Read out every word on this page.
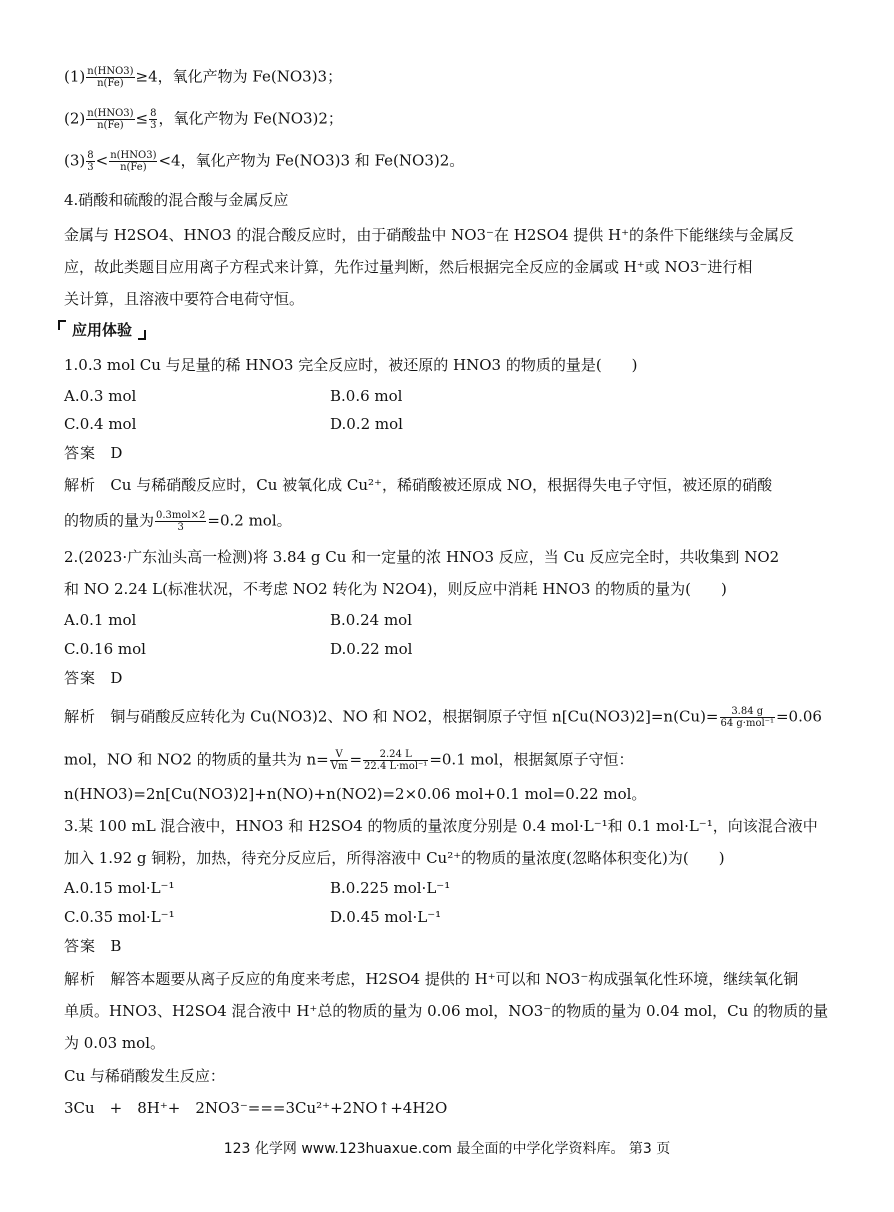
$(1) \frac{\text{n(HNO3)}}{n(Fe)} \ge 4$，氧化产物为 Fe(NO3)3；
$(2) \frac{\text{n(HNO3)}}{n(Fe)} \le \frac{8}{3}$ ，氧化产物为 Fe(NO3)2；
$(3) \frac{8}{3} < \frac{\text{n(HNO3)}}{n(Fe)} <4$，氧化产物为 Fe(NO3)3 和 Fe(NO3)2。
4.硝酸和硫酸的混合酸与金属反应
金属与 H2SO4、HNO3 的混合酸反应时，由于硝酸盐中 NO3⁻在 H2SO4 提供 H⁺的条件下能继续与金属反
应，故此类题目应用离子方程式来计算，先作过量判断，然后根据完全反应的金属或 H⁺或 NO3⁻进行相
关计算，且溶液中要符合电荷守恒。
应用体验
1.0.3 mol Cu 与足量的稀 HNO3 完全反应时，被还原的 HNO3 的物质的量是(　　)
A.0.3 mol	B.0.6 mol
C.0.4 mol	D.0.2 mol
答案 D
解析 Cu 与稀硝酸反应时，Cu 被氧化成 Cu²⁺，稀硝酸被还原成 NO，根据得失电子守恒，被还原的硝酸
的物质的量为 $\frac{\text{0.3mol×2}}{3} =0.2$ mol。
2.(2023·广东汕头高一检测)将 3.84 g Cu 和一定量的浓 HNO3 反应，当 Cu 反应完全时，共收集到 NO2
和 NO 2.24 L(标准状况，不考虑 NO2 转化为 N2O4)，则反应中消耗 HNO3 的物质的量为(　　)
A.0.1 mol	B.0.24 mol
C.0.16 mol	D.0.22 mol
答案 D
解析 铜与硝酸反应转化为 Cu(NO3)2、NO 和 NO2，根据铜原子守恒 $n[Cu(NO3)2]=n(Cu)= \frac{3.84 g}{\text{64 g·mol⁻¹}} =0.06$
mol，NO 和 NO2 的物质的量共为 $n= \frac{V}{Vm} = \frac{2.24 L}{\text{22.4 L·mol⁻¹}} =0.1$ mol，根据氮原子守恒：
n(HNO3)=2n[Cu(NO3)2]+n(NO)+n(NO2)=2×0.06 mol+0.1 mol=0.22 mol。
3.某 100 mL 混合液中，HNO3 和 H2SO4 的物质的量浓度分别是 0.4 mol·L⁻¹和 0.1 mol·L⁻¹，向该混合液中
加入 1.92 g 铜粉，加热，待充分反应后，所得溶液中 Cu²⁺的物质的量浓度(忽略体积变化)为(　　)
A.0.15 mol·L⁻¹	B.0.225 mol·L⁻¹
C.0.35 mol·L⁻¹	D.0.45 mol·L⁻¹
答案 B
解析 解答本题要从离子反应的角度来考虑，H2SO4 提供的 H⁺可以和 NO3⁻构成强氧化性环境，继续氧化铜
单质。HNO3、H2SO4 混合液中 H⁺总的物质的量为 0.06 mol，NO3⁻的物质的量为 0.04 mol，Cu 的物质的量
为 0.03 mol。
Cu 与稀硝酸发生反应：
3Cu　+　8H⁺+　2NO3⁻===3Cu²⁺+2NO↑+4H2O
123 化学网 www.123huaxue.com 最全面的中学化学资料库。 第3 页
